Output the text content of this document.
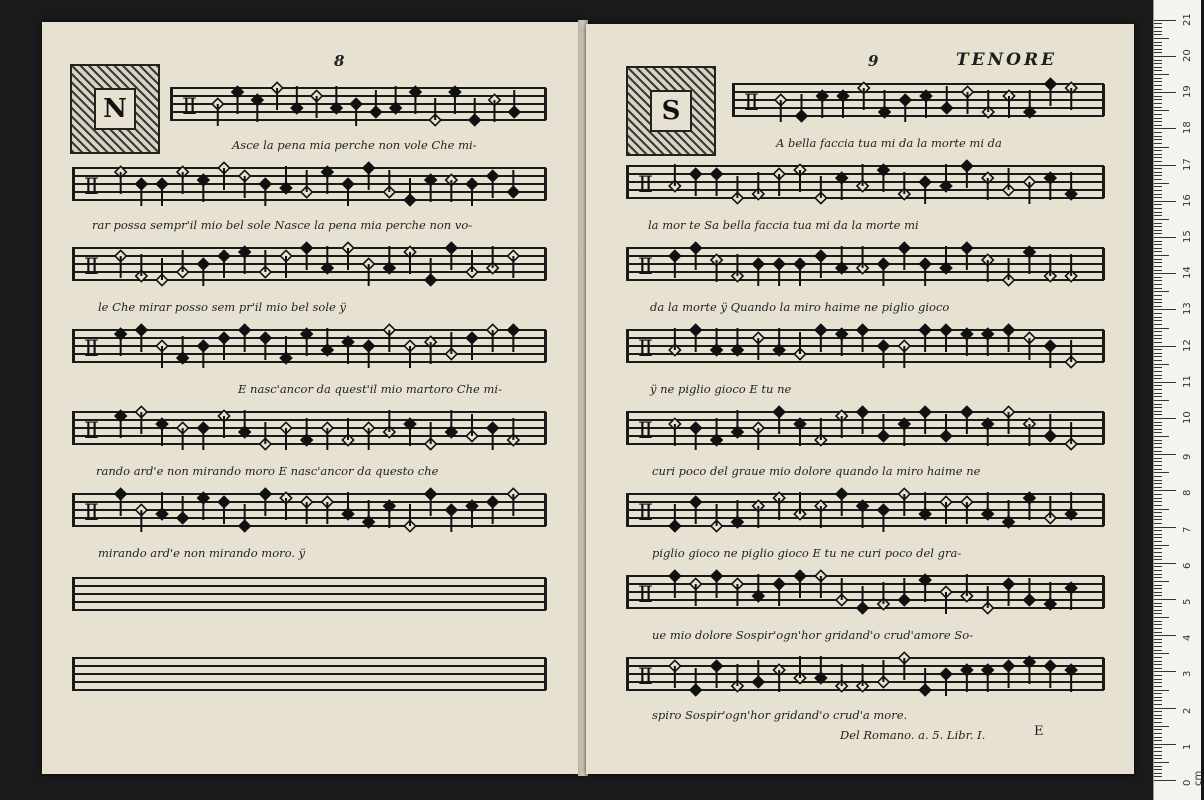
8
N	Ⅱ
Asce la pena mia perche non vole Che mi-
Ⅱ
rar possa sempr'il mio bel sole Nasce la pena mia perche non vo-
Ⅱ
le Che mirar posso sem pr'il mio bel sole ÿ
Ⅱ
E nasc'ancor da quest'il mio martoro Che mi-
Ⅱ
rando ard'e non mirando moro E nasc'ancor da questo che
Ⅱ
mirando ard'e non mirando moro. ÿ
9	TENORE
S	Ⅱ
A bella faccia tua mi da la morte mi da
Ⅱ
la mor te Sa bella faccia tua mi da la morte mi
Ⅱ
da la morte ÿ Quando la miro haime ne piglio gioco
Ⅱ
ÿ ne piglio gioco E tu ne
Ⅱ
curi poco del graue mio dolore quando la miro haime ne
Ⅱ
piglio gioco ne piglio gioco E tu ne curi poco del gra-
Ⅱ
ue mio dolore Sospir'ogn'hor gridand'o crud'amore So-
Ⅱ
spiro Sospir'ogn'hor gridand'o crud'a more.
Del Romano. a. 5. Libr. I.	E
0 cm
1
2
3
4
5
6
7
8
9
10
11
12
13
14
15
16
17
18
19
20
21
